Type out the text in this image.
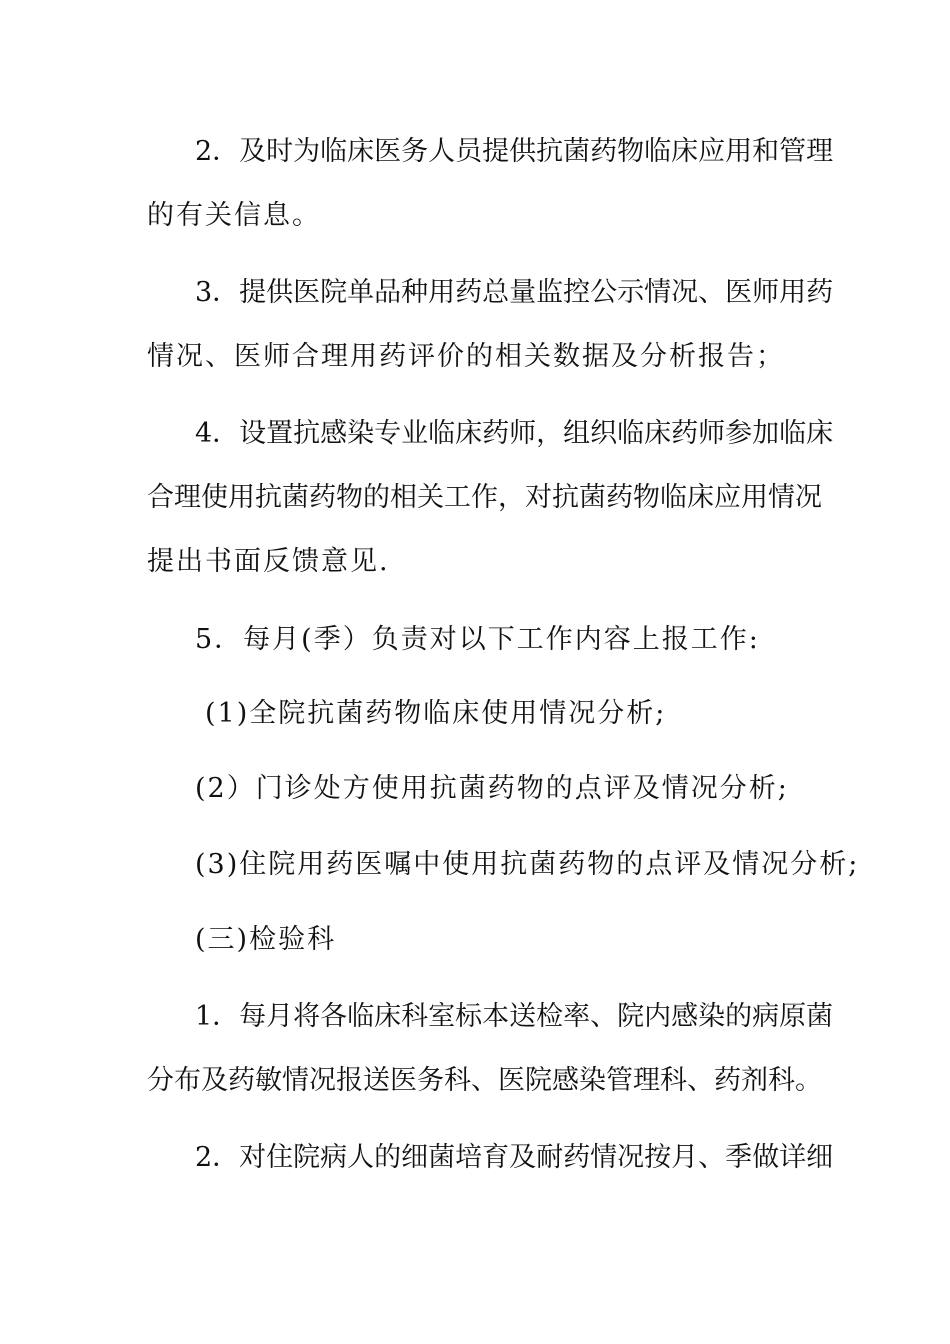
2．及时为临床医务人员提供抗菌药物临床应用和管理

的有关信息。

3．提供医院单品种用药总量监控公示情况、医师用药

情况、医师合理用药评价的相关数据及分析报告；

4．设置抗感染专业临床药师，组织临床药师参加临床

合理使用抗菌药物的相关工作，对抗菌药物临床应用情况

提出书面反馈意见.

5．每月(季）负责对以下工作内容上报工作:

(1)全院抗菌药物临床使用情况分析;

(2）门诊处方使用抗菌药物的点评及情况分析;

(3)住院用药医嘱中使用抗菌药物的点评及情况分析;

(三)检验科

1．每月将各临床科室标本送检率、院内感染的病原菌

分布及药敏情况报送医务科、医院感染管理科、药剂科。

2．对住院病人的细菌培育及耐药情况按月、季做详细
